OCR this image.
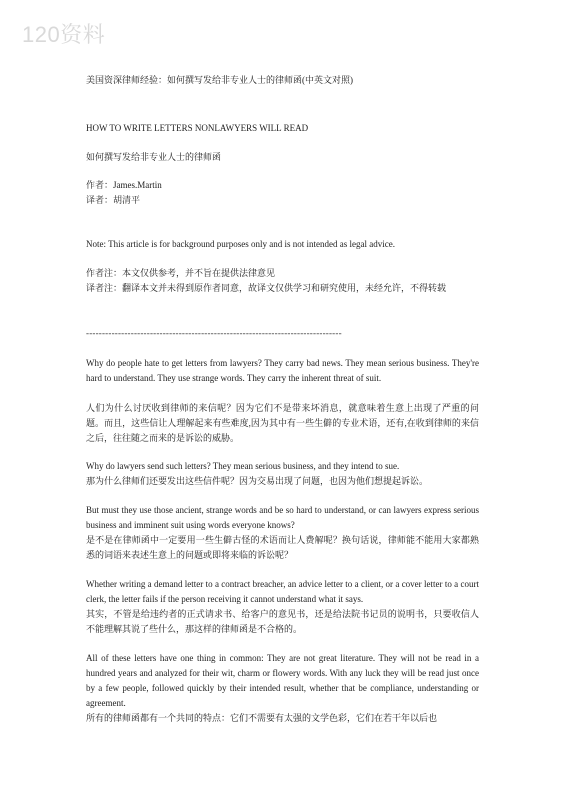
120资料
美国资深律师经验：如何撰写发给非专业人士的律师函(中英文对照)
HOW TO WRITE LETTERS NONLAWYERS WILL READ
如何撰写发给非专业人士的律师函
作者：James.Martin
译者：胡清平
Note: This article is for background purposes only and is not intended as legal advice.
作者注：本文仅供参考，并不旨在提供法律意见
译者注：翻译本文并未得到原作者同意，故译文仅供学习和研究使用，未经允许，不得转载
--------------------------------------------------------------------------------
Why do people hate to get letters from lawyers? They carry bad news. They mean serious business. They're hard to understand. They use strange words. They carry the inherent threat of suit.
人们为什么讨厌收到律师的来信呢？因为它们不是带来坏消息，就意味着生意上出现了严重的问题。而且，这些信让人理解起来有些难度,因为其中有一些生僻的专业术语，还有,在收到律师的来信之后，往往随之而来的是诉讼的威胁。
Why do lawyers send such letters? They mean serious business, and they intend to sue.
那为什么律师们还要发出这些信件呢？因为交易出现了问题，也因为他们想提起诉讼。
But must they use those ancient, strange words and be so hard to understand, or can lawyers express serious business and imminent suit using words everyone knows?
是不是在律师函中一定要用一些生僻古怪的术语而让人费解呢？换句话说，律师能不能用大家都熟悉的词语来表述生意上的问题或即将来临的诉讼呢？
Whether writing a demand letter to a contract breacher, an advice letter to a client, or a cover letter to a court clerk, the letter fails if the person receiving it cannot understand what it says.
其实，不管是给违约者的正式请求书、给客户的意见书，还是给法院书记员的说明书，只要收信人不能理解其说了些什么，那这样的律师函是不合格的。
All of these letters have one thing in common: They are not great literature. They will not be read in a hundred years and analyzed for their wit, charm or flowery words. With any luck they will be read just once by a few people, followed quickly by their intended result, whether that be compliance, understanding or agreement.
所有的律师函都有一个共同的特点：它们不需要有太强的文学色彩，它们在若干年以后也
